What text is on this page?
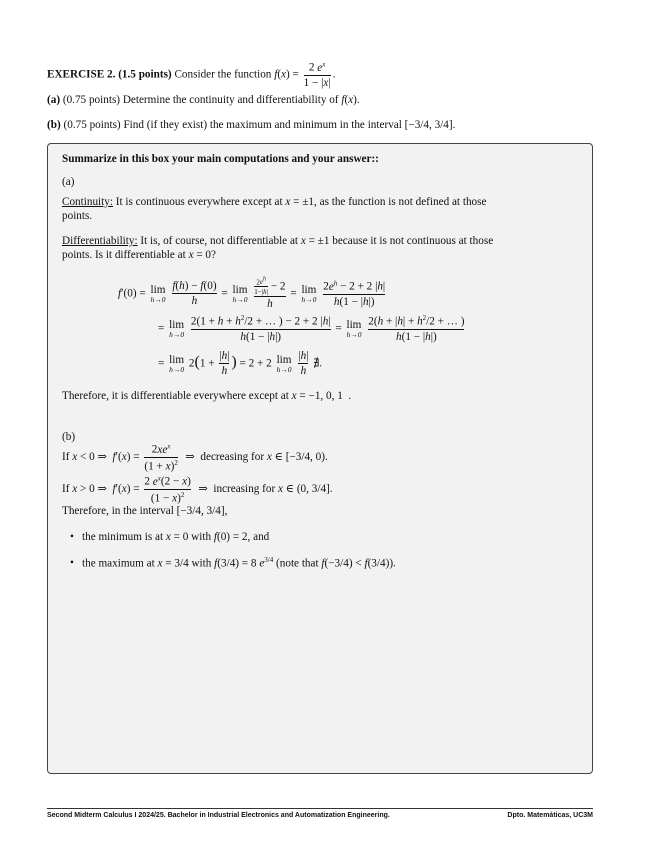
EXERCISE 2. (1.5 points) Consider the function $f(x) = \frac{2 e^x}{1 - |x|}$ .
(a) (0.75 points) Determine the continuity and differentiability of f(x).
(b) (0.75 points) Find (if they exist) the maximum and minimum in the interval [−3/4, 3/4].
Summarize in this box your main computations and your answer::
(a)
Continuity: It is continuous everywhere except at x = ±1, as the function is not defined at those
points.
Differentiability: It is, of course, not differentiable at x = ±1 because it is not continuous at those
points. Is it differentiable at x = 0?
f′(0) = lim
h→0
$\frac{f(h) - f(0)}{h} = \lim$
h→0
$\frac{\frac{2e^h}{1-|h|} - 2}{h} = \lim$
h→0
$\frac{2e^h - 2 + 2 |h|}{h(1 - |h|)}$
= lim
h→0
$\frac{2(1 + h + h^2/2 + \dots ) - 2 + 2 |h|}{h(1 - |h|)} = \lim$
h→0
$\frac{2(h + |h| + h^2/2 + \dots )}{h(1 - |h|)}$
= lim
h→0 $2(1 + \frac{|h|}{h}$ ) = 2 + 2 lim
h→0
$\frac{|h|}{h}$ ∄.
Therefore, it is differentiable everywhere except at x = −1, 0, 1  .
(b)
If x < 0 ⇒  $f'(x) = \frac{2xe^x}{(1 + x)^2}$ ⇒  decreasing for x ∈ [−3/4, 0).
If x > 0 ⇒  $f'(x) = \frac{2 e^x(2 - x)}{(1 - x)^2}$ ⇒  increasing for x ∈ (0, 3/4].
Therefore, in the interval [−3/4, 3/4],
• the minimum is at x = 0 with f(0) = 2, and
• the maximum at x = 3/4 with f(3/4) = 8 $e^{3/4}$ (note that f(−3/4) < f(3/4)).
Second Midterm Calculus I 2024/25. Bachelor in Industrial Electronics and Automatization Engineering.	Dpto. Matemáticas, UC3M
